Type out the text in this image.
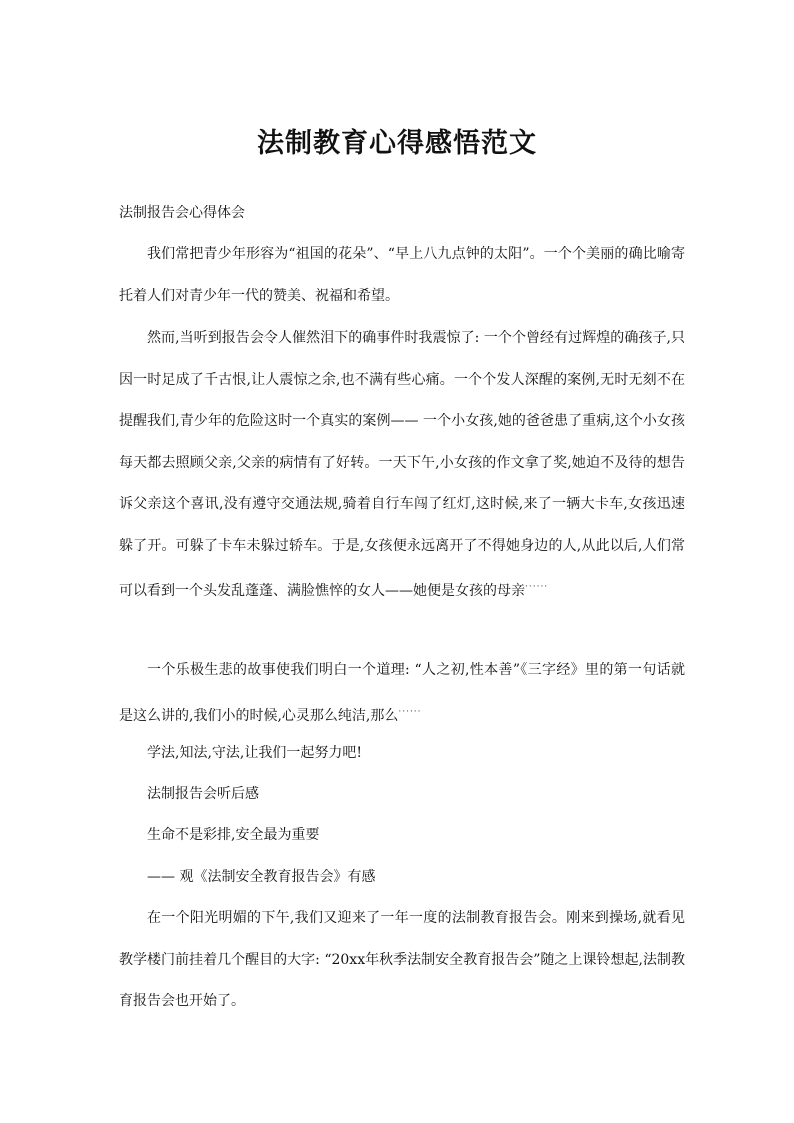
法制教育心得感悟范文
法制报告会心得体会

我们常把青少年形容为“祖国的花朵”、“早上八九点钟的太阳”。一个个美丽的确比喻寄托着人们对青少年一代的赞美、祝福和希望。

然而,当听到报告会令人催然泪下的确事件时我震惊了: 一个个曾经有过辉煌的确孩子,只因一时足成了千古恨,让人震惊之余,也不满有些心痛。一个个发人深醒的案例,无时无刻不在提醒我们,青少年的危险这时一个真实的案例—— 一个小女孩,她的爸爸患了重病,这个小女孩每天都去照顾父亲,父亲的病情有了好转。一天下午,小女孩的作文拿了奖,她迫不及待的想告诉父亲这个喜讯,没有遵守交通法规,骑着自行车闯了红灯,这时候,来了一辆大卡车,女孩迅速躲了开。可躲了卡车未躲过轿车。于是,女孩便永远离开了不得她身边的人,从此以后,人们常可以看到一个头发乱蓬蓬、满脸憔悴的女人——她便是女孩的母亲······

一个乐极生悲的故事使我们明白一个道理: “人之初,性本善”《三字经》里的第一句话就是这么讲的,我们小的时候,心灵那么纯洁,那么······

学法,知法,守法,让我们一起努力吧!
法制报告会听后感
生命不是彩排,安全最为重要
—— 观《法制安全教育报告会》有感

在一个阳光明媚的下午,我们又迎来了一年一度的法制教育报告会。刚来到操场,就看见教学楼门前挂着几个醒目的大字: “20xx年秋季法制安全教育报告会”随之上课铃想起,法制教育报告会也开始了。
